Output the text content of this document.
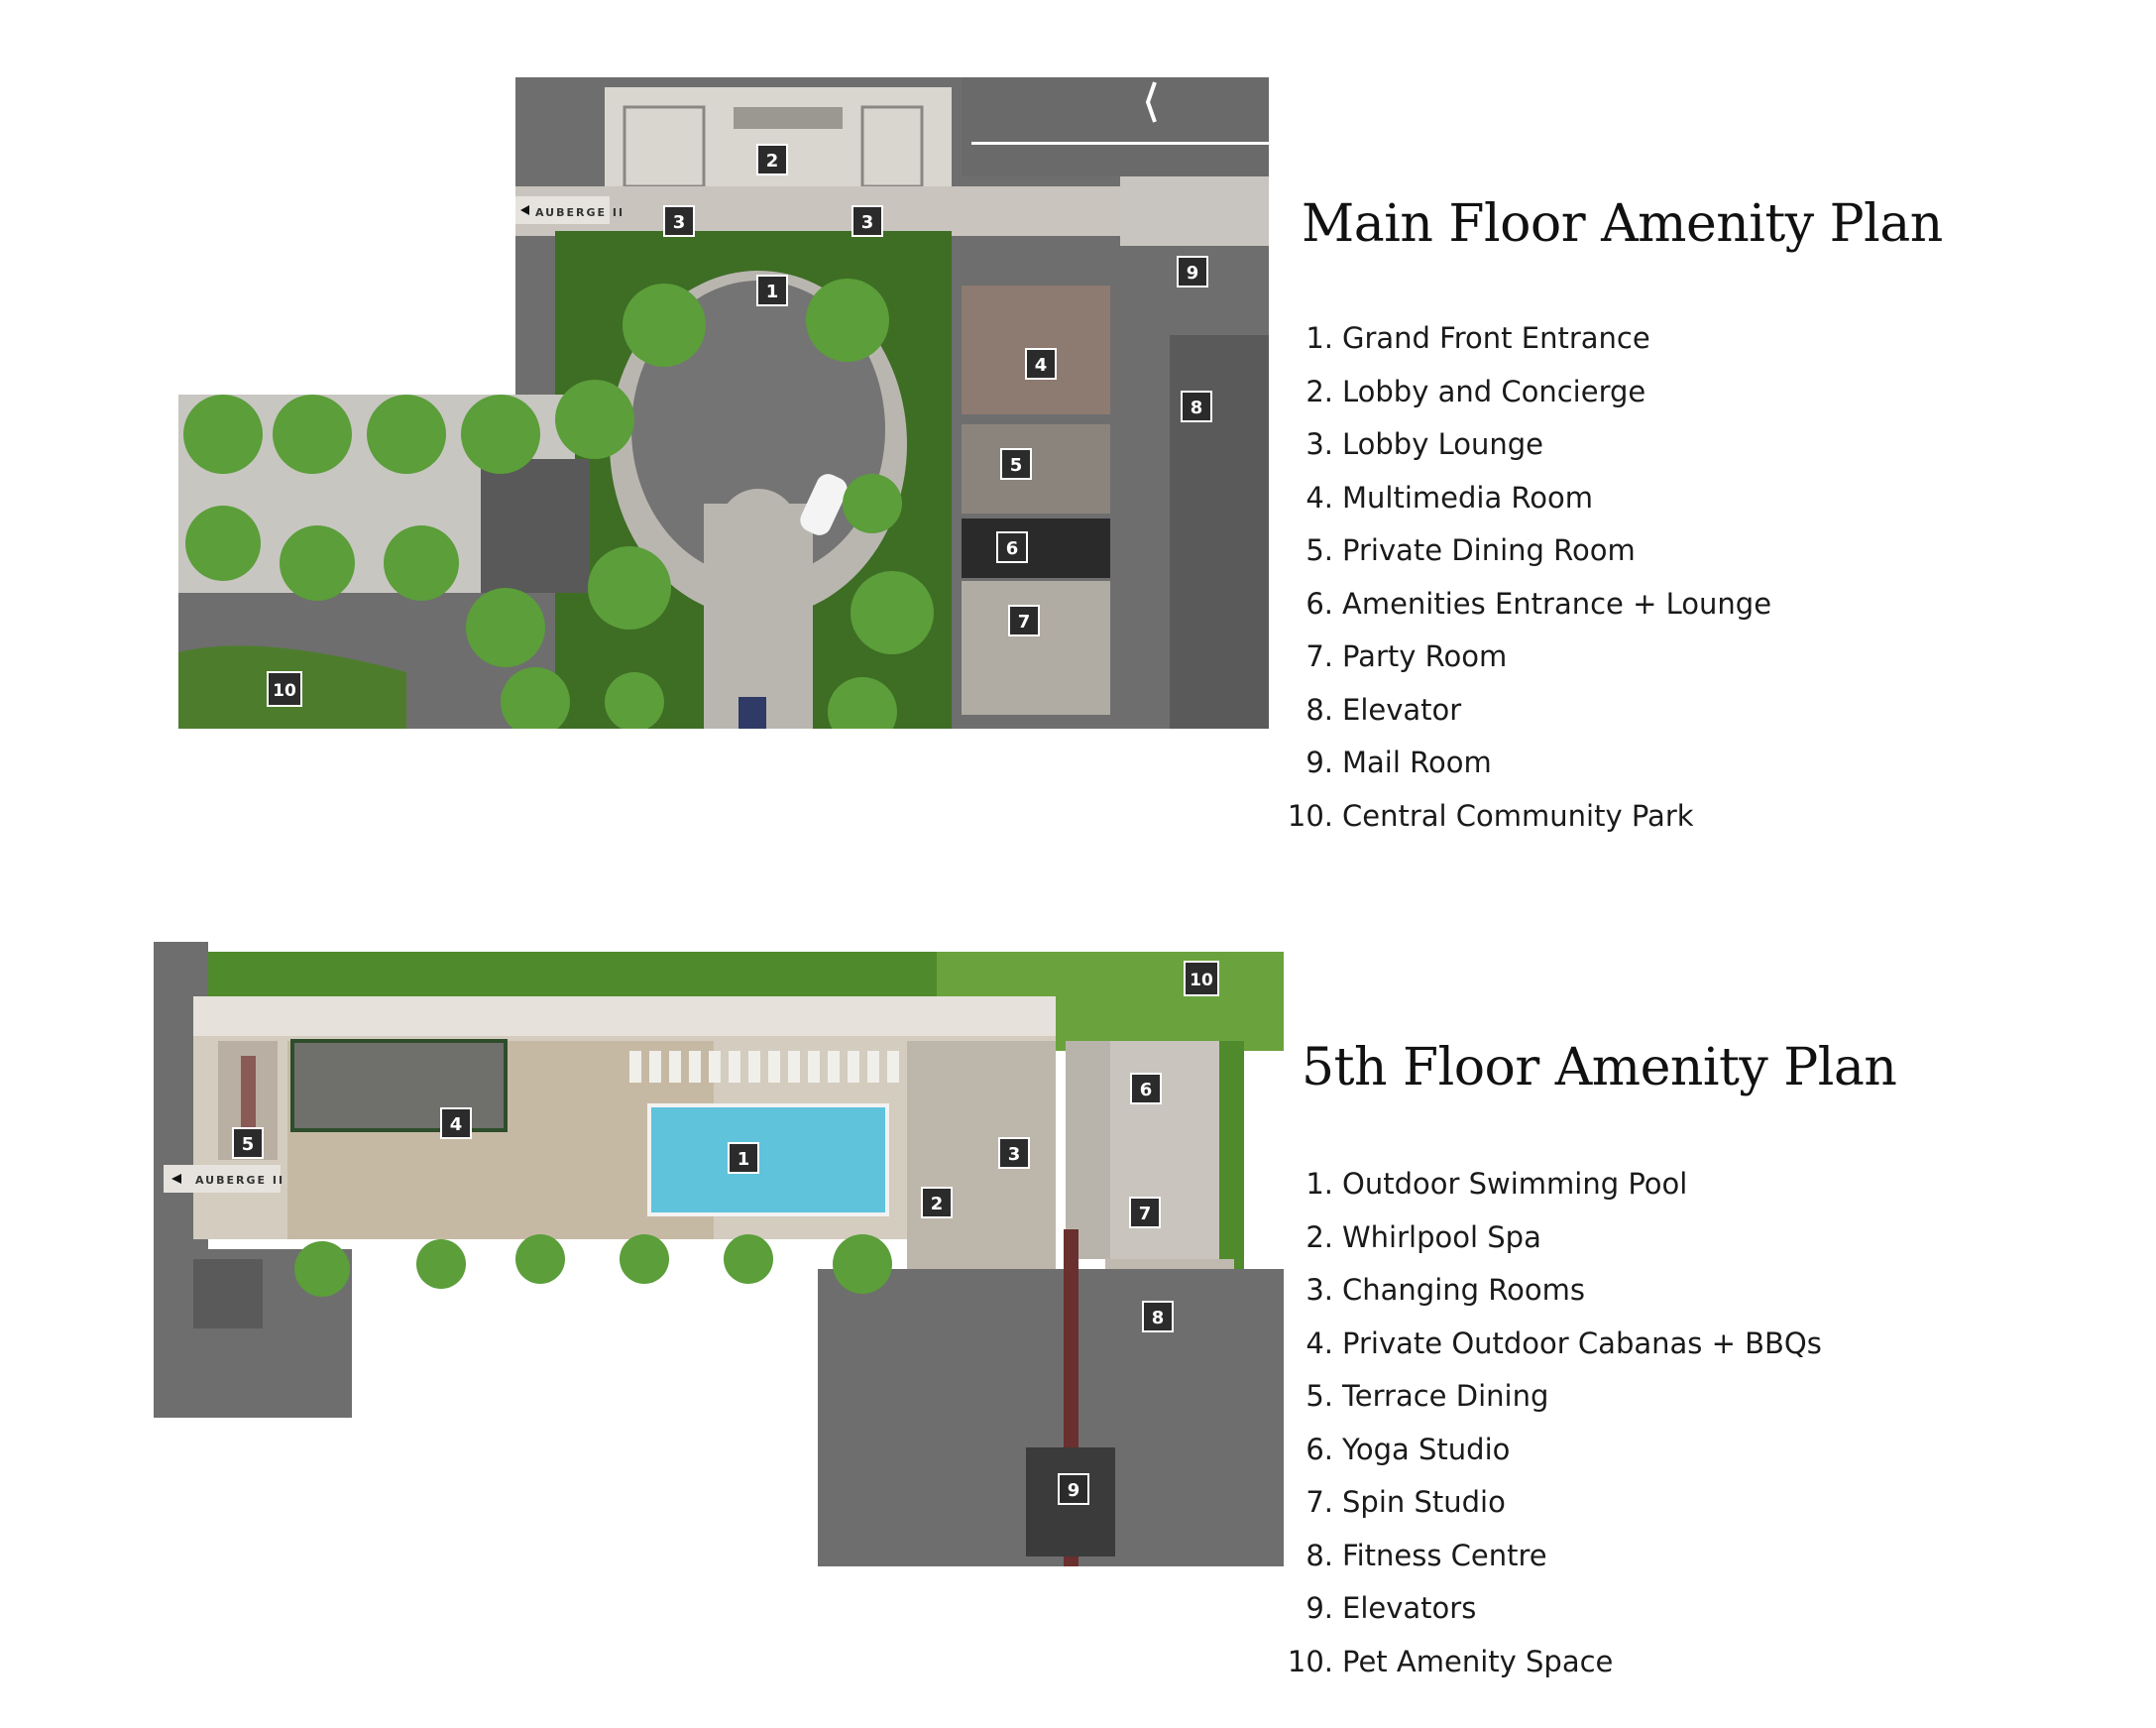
AUBERGE II
1
2
3	3
4
5
6
7
8
9
10
Main Floor Amenity Plan
1. Grand Front Entrance
2. Lobby and Concierge
3. Lobby Lounge
4. Multimedia Room
5. Private Dining Room
6. Amenities Entrance + Lounge
7. Party Room
8. Elevator
9. Mail Room
10. Central Community Park
AUBERGE II
1
2
3
4
5
6
7
8
9
10
5th Floor Amenity Plan
1. Outdoor Swimming Pool
2. Whirlpool Spa
3. Changing Rooms
4. Private Outdoor Cabanas + BBQs
5. Terrace Dining
6. Yoga Studio
7. Spin Studio
8. Fitness Centre
9. Elevators
10. Pet Amenity Space
